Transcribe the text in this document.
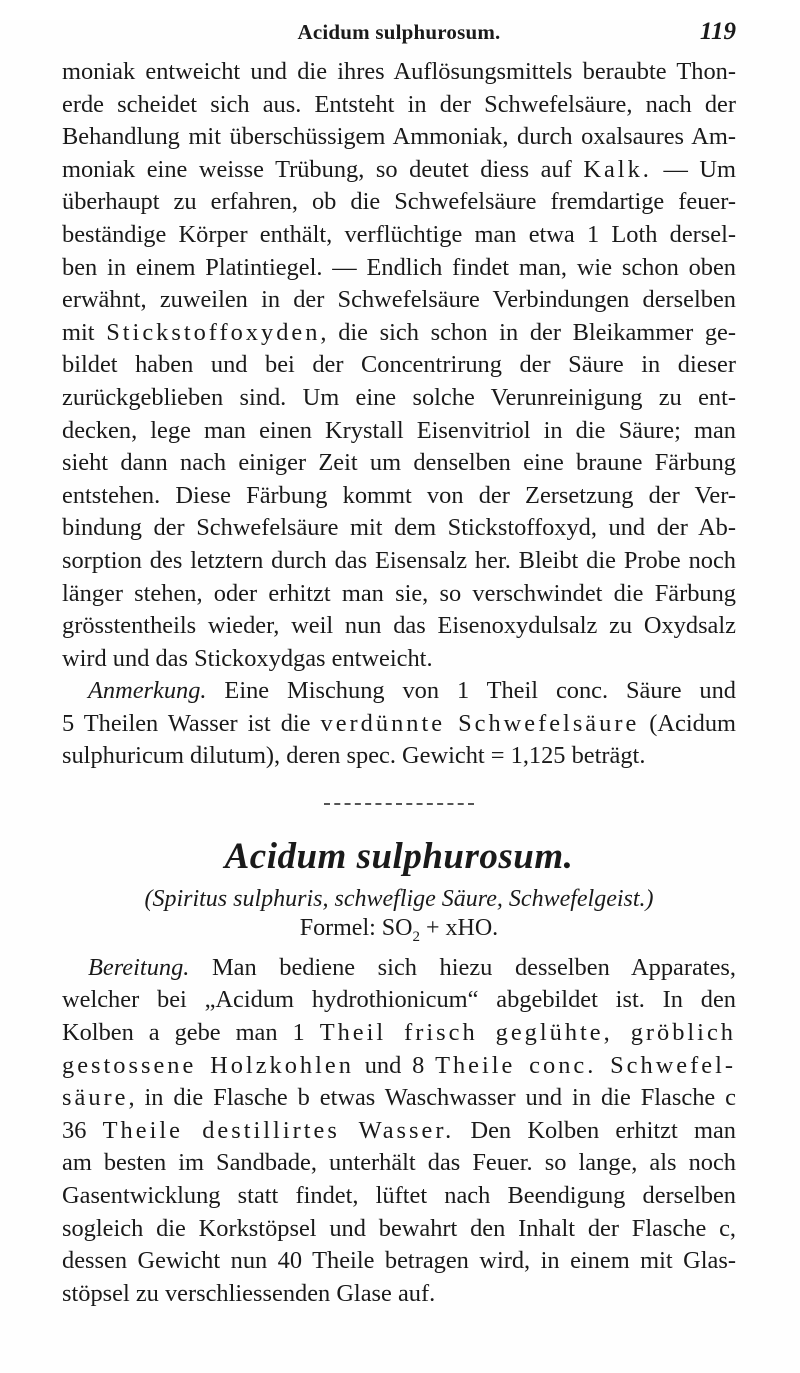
Acidum sulphurosum.	119
moniak entweicht und die ihres Auflösungsmittels beraubte Thon-
erde scheidet sich aus. Entsteht in der Schwefelsäure, nach der
Behandlung mit überschüssigem Ammoniak, durch oxalsaures Am-
moniak eine weisse Trübung, so deutet diess auf Kalk. — Um
überhaupt zu erfahren, ob die Schwefelsäure fremdartige feuer-
beständige Körper enthält, verflüchtige man etwa 1 Loth dersel-
ben in einem Platintiegel. — Endlich findet man, wie schon oben
erwähnt, zuweilen in der Schwefelsäure Verbindungen derselben
mit Stickstoffoxyden, die sich schon in der Bleikammer ge-
bildet haben und bei der Concentrirung der Säure in dieser
zurückgeblieben sind. Um eine solche Verunreinigung zu ent-
decken, lege man einen Krystall Eisenvitriol in die Säure; man
sieht dann nach einiger Zeit um denselben eine braune Färbung
entstehen. Diese Färbung kommt von der Zersetzung der Ver-
bindung der Schwefelsäure mit dem Stickstoffoxyd, und der Ab-
sorption des letztern durch das Eisensalz her. Bleibt die Probe noch
länger stehen, oder erhitzt man sie, so verschwindet die Färbung
grösstentheils wieder, weil nun das Eisenoxydulsalz zu Oxydsalz
wird und das Stickoxydgas entweicht.
Anmerkung. Eine Mischung von 1 Theil conc. Säure und
5 Theilen Wasser ist die verdünnte Schwefelsäure (Acidum
sulphuricum dilutum), deren spec. Gewicht = 1,125 beträgt.
Acidum sulphurosum.
(Spiritus sulphuris, schweflige Säure, Schwefelgeist.)
Formel: $SO_2$ + xHO.
Bereitung. Man bediene sich hiezu desselben Apparates,
welcher bei „Acidum hydrothionicum“ abgebildet ist. In den
Kolben a gebe man 1 Theil frisch geglühte, gröblich
gestossene Holzkohlen und 8 Theile conc. Schwefel-
säure, in die Flasche b etwas Waschwasser und in die Flasche c
36 Theile destillirtes Wasser. Den Kolben erhitzt man
am besten im Sandbade, unterhält das Feuer. so lange, als noch
Gasentwicklung statt findet, lüftet nach Beendigung derselben
sogleich die Korkstöpsel und bewahrt den Inhalt der Flasche c,
dessen Gewicht nun 40 Theile betragen wird, in einem mit Glas-
stöpsel zu verschliessenden Glase auf.
